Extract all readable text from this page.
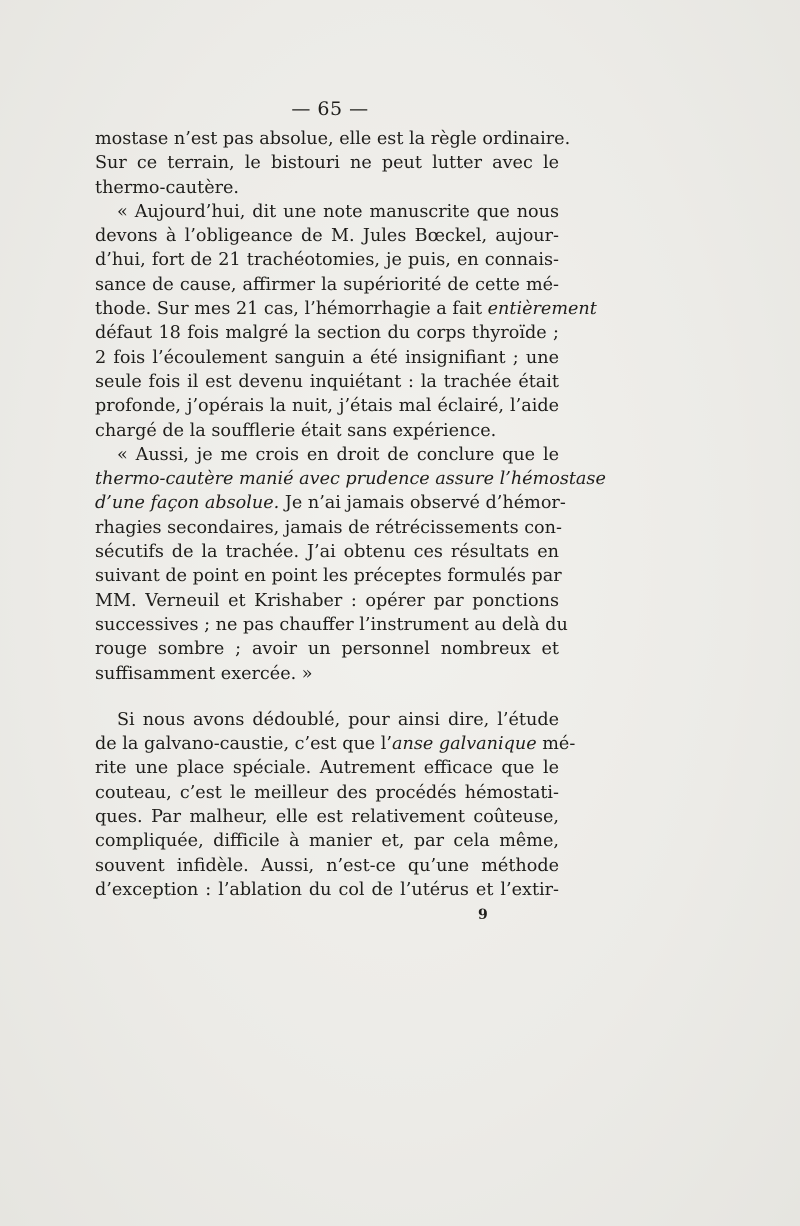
— 65 —
mostase n’est pas absolue, elle est la règle ordinaire.
Sur ce terrain, le bistouri ne peut lutter avec le
thermo-cautère.
« Aujourd’hui, dit une note manuscrite que nous
devons à l’obligeance de M. Jules Bœckel, aujour-
d’hui, fort de 21 trachéotomies, je puis, en connais-
sance de cause, affirmer la supériorité de cette mé-
thode. Sur mes 21 cas, l’hémorrhagie a fait entièrement
défaut 18 fois malgré la section du corps thyroïde ;
2 fois l’écoulement sanguin a été insignifiant ; une
seule fois il est devenu inquiétant : la trachée était
profonde, j’opérais la nuit, j’étais mal éclairé, l’aide
chargé de la soufflerie était sans expérience.
« Aussi, je me crois en droit de conclure que le
thermo-cautère manié avec prudence assure l’hémostase
d’une façon absolue. Je n’ai jamais observé d’hémor-
rhagies secondaires, jamais de rétrécissements con-
sécutifs de la trachée. J’ai obtenu ces résultats en
suivant de point en point les préceptes formulés par
MM. Verneuil et Krishaber : opérer par ponctions
successives ; ne pas chauffer l’instrument au delà du
rouge sombre ; avoir un personnel nombreux et
suffisamment exercée. »
Si nous avons dédoublé, pour ainsi dire, l’étude
de la galvano-caustie, c’est que l’anse galvanique mé-
rite une place spéciale. Autrement efficace que le
couteau, c’est le meilleur des procédés hémostati-
ques. Par malheur, elle est relativement coûteuse,
compliquée, difficile à manier et, par cela même,
souvent infidèle. Aussi, n’est-ce qu’une méthode
d’exception : l’ablation du col de l’utérus et l’extir-
9
